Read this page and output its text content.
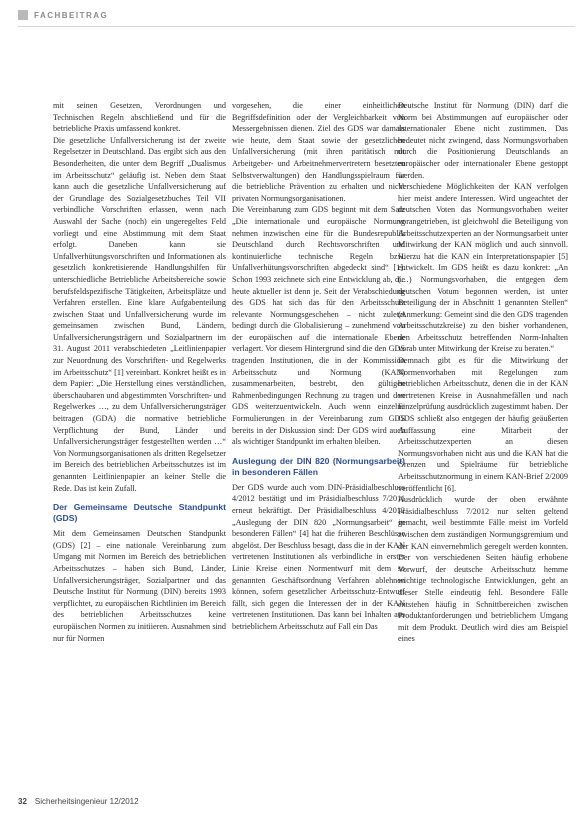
FACHBEITRAG

mit seinen Gesetzen, Verordnungen und Technischen Regeln abschließend und für die betriebliche Praxis umfassend konkret.

Die gesetzliche Unfallversicherung ist der zweite Regelsetzer in Deutschland. Das ergibt sich aus den Besonderheiten, die unter dem Begriff „Dualismus im Arbeitsschutz“ geläufig ist. Neben dem Staat kann auch die gesetzliche Unfallversicherung auf der Grundlage des Sozialgesetzbuches Teil VII verbindliche Vorschriften erlassen, wenn nach Auswahl der Sache (noch) ein ungeregeltes Feld vorliegt und eine Abstimmung mit dem Staat erfolgt. Daneben kann sie Unfallverhütungsvorschriften und Informationen als gesetzlich konkretisierende Handlungshilfen für unterschiedliche Betriebliche Arbeitsbereiche sowie berufsfeldspezifische Tätigkeiten, Arbeitsplätze und Verfahren erstellen. Eine klare Aufgabenteilung zwischen Staat und Unfallversicherung wurde im gemeinsamen zwischen Bund, Ländern, Unfallversicherungsträgern und Sozialpartnern im 31. August 2011 verabschiedeten „Leitlinienpapier zur Neuordnung des Vorschriften- und Regelwerks im Arbeitsschutz“ [1] vereinbart. Konkret heißt es in dem Papier: „Die Herstellung eines verständlichen, überschaubaren und abgestimmten Vorschriften- und Regelwerkes …, zu dem Unfallversicherungsträger beitragen (GDA) die normative betriebliche Verpflichtung der Bund, Länder und Unfallversicherungsträger festgestellten werden …“ Von Normungsorganisationen als dritten Regelsetzer im Bereich des betrieblichen Arbeitsschutzes ist im genannten Leitlinienpapier an keiner Stelle die Rede. Das ist kein Zufall.

Der Gemeinsame Deutsche Standpunkt (GDS)

Mit dem Gemeinsamen Deutschen Standpunkt (GDS) [2] – eine nationale Vereinbarung zum Umgang mit Normen im Bereich des betrieblichen Arbeitsschutzes – haben sich Bund, Länder, Unfallversicherungsträger, Sozialpartner und das Deutsche Institut für Normung (DIN) bereits 1993 verpflichtet, zu europäischen Richtlinien im Bereich des betrieblichen Arbeitsschutzes keine europäischen Normen zu initiieren. Ausnahmen sind nur für Normen

vorgesehen, die einer einheitlichen Begriffsdefinition oder der Vergleichbarkeit von Messergebnissen dienen. Ziel des GDS war damals wie heute, dem Staat sowie der gesetzlichen Unfallversicherung (mit ihren paritätisch mit Arbeitgeber- und Arbeitnehmervertretern besetzten Selbstverwaltungen) den Handlungsspielraum für die betriebliche Prävention zu erhalten und nicht privaten Normungsorganisationen.

Die Vereinbarung zum GDS beginnt mit dem Satz „Die internationale und europäische Normung nehmen inzwischen eine für die Bundesrepublik Deutschland durch Rechtsvorschriften und kontinuierliche technische Regeln bzw. Unfallverhütungsvorschriften abgedeckt sind“ [1]. Schon 1993 zeichnete sich eine Entwicklung ab, die heute aktueller ist denn je. Seit der Verabschiedung des GDS hat sich das für den Arbeitsschutz relevante Normungsgeschehen – nicht zuletzt bedingt durch die Globalisierung – zunehmend von der europäischen auf die internationale Ebene verlagert. Vor diesem Hintergrund sind die den GDS tragenden Institutionen, die in der Kommission Arbeitsschutz und Normung (KAN) zusammenarbeiten, bestrebt, den gültigen Rahmenbedingungen Rechnung zu tragen und den GDS weiterzuentwickeln. Auch wenn einzelne Formulierungen in der Vereinbarung zum GDS bereits in der Diskussion sind: Der GDS wird auch als wichtiger Standpunkt im erhalten bleiben.

Auslegung der DIN 820 (Normungsarbeit) in besonderen Fällen

Der GDS wurde auch vom DIN-Präsidialbeschluss 4/2012 bestätigt und im Präsidialbeschluss 7/2011 erneut bekräftigt. Der Präsidialbeschluss 4/2012 „Auslegung der DIN 820 „Normungsarbeit“ in besonderen Fällen“ [4] hat die früheren Beschlüsse abgelöst. Der Beschluss besagt, dass die in der KAN vertretenen Institutionen als verbindliche in erster Linie Kreise einen Normentwurf mit dem so genannten Geschäftsordnung Verfahren ablehnen können, sofern gesetzlicher Arbeitsschutz-Entwurf fällt, sich gegen die Interessen der in der KAN vertretenen Institutionen. Das kann bei Inhalten aus betrieblichem Arbeitsschutz auf Fall ein Das

Deutsche Institut für Normung (DIN) darf die Norm bei Abstimmungen auf europäischer oder internationaler Ebene nicht zustimmen. Das bedeutet nicht zwingend, dass Normungsvorhaben durch die Positionierung Deutschlands an europäischer oder internationaler Ebene gestoppt werden.

Verschiedene Möglichkeiten der KAN verfolgen hier meist andere Interessen. Wird ungeachtet der deutschen Voten das Normungsvorhaben weiter vorangetrieben, ist gleichwohl die Beteiligung von Arbeitsschutzexperten an der Normungsarbeit unter Mitwirkung der KAN möglich und auch sinnvoll. Hierzu hat die KAN ein Interpretationspapier [5] entwickelt. Im GDS heißt es dazu konkret: „An (…) Normungsvorhaben, die entgegen dem deutschen Votum begonnen werden, ist unter Beteiligung der in Abschnitt 1 genannten Stellen“ (Anmerkung: Gemeint sind die den GDS tragenden Arbeitsschutzkreise) zu den bisher vorhandenen, den Arbeitsschutz betreffenden Norm-Inhalten vorab unter Mitwirkung der Kreise zu beraten.“

Demnach gibt es für die Mitwirkung der Normenvorhaben mit Regelungen zum betrieblichen Arbeitsschutz, denen die in der KAN vertretenen Kreise in Ausnahmefällen und nach Einzelprüfung ausdrücklich zugestimmt haben. Der GDS schließt also entgegen der häufig geäußerten Auffassung eine Mitarbeit der Arbeitsschutzexperten an diesen Normungsvorhaben nicht aus und die KAN hat die Grenzen und Spielräume für betriebliche Arbeitsschutznormung in einem KAN-Brief 2/2009 veröffentlicht [6].

Ausdrücklich wurde der oben erwähnte Präsidialbeschluss 7/2012 nur selten geltend gemacht, weil bestimmte Fälle meist im Vorfeld zwischen dem zuständigen Normungsgremium und der KAN einvernehmlich geregelt werden konnten. Der von verschiedenen Seiten häufig erhobene Vorwurf, der deutsche Arbeitsschutz hemme wichtige technologische Entwicklungen, geht an dieser Stelle eindeutig fehl. Besondere Fälle entstehen häufig in Schnittbereichen zwischen Produktanforderungen und betrieblichem Umgang mit dem Produkt. Deutlich wird dies am Beispiel eines

32 Sicherheitsingenieur 12/2012
